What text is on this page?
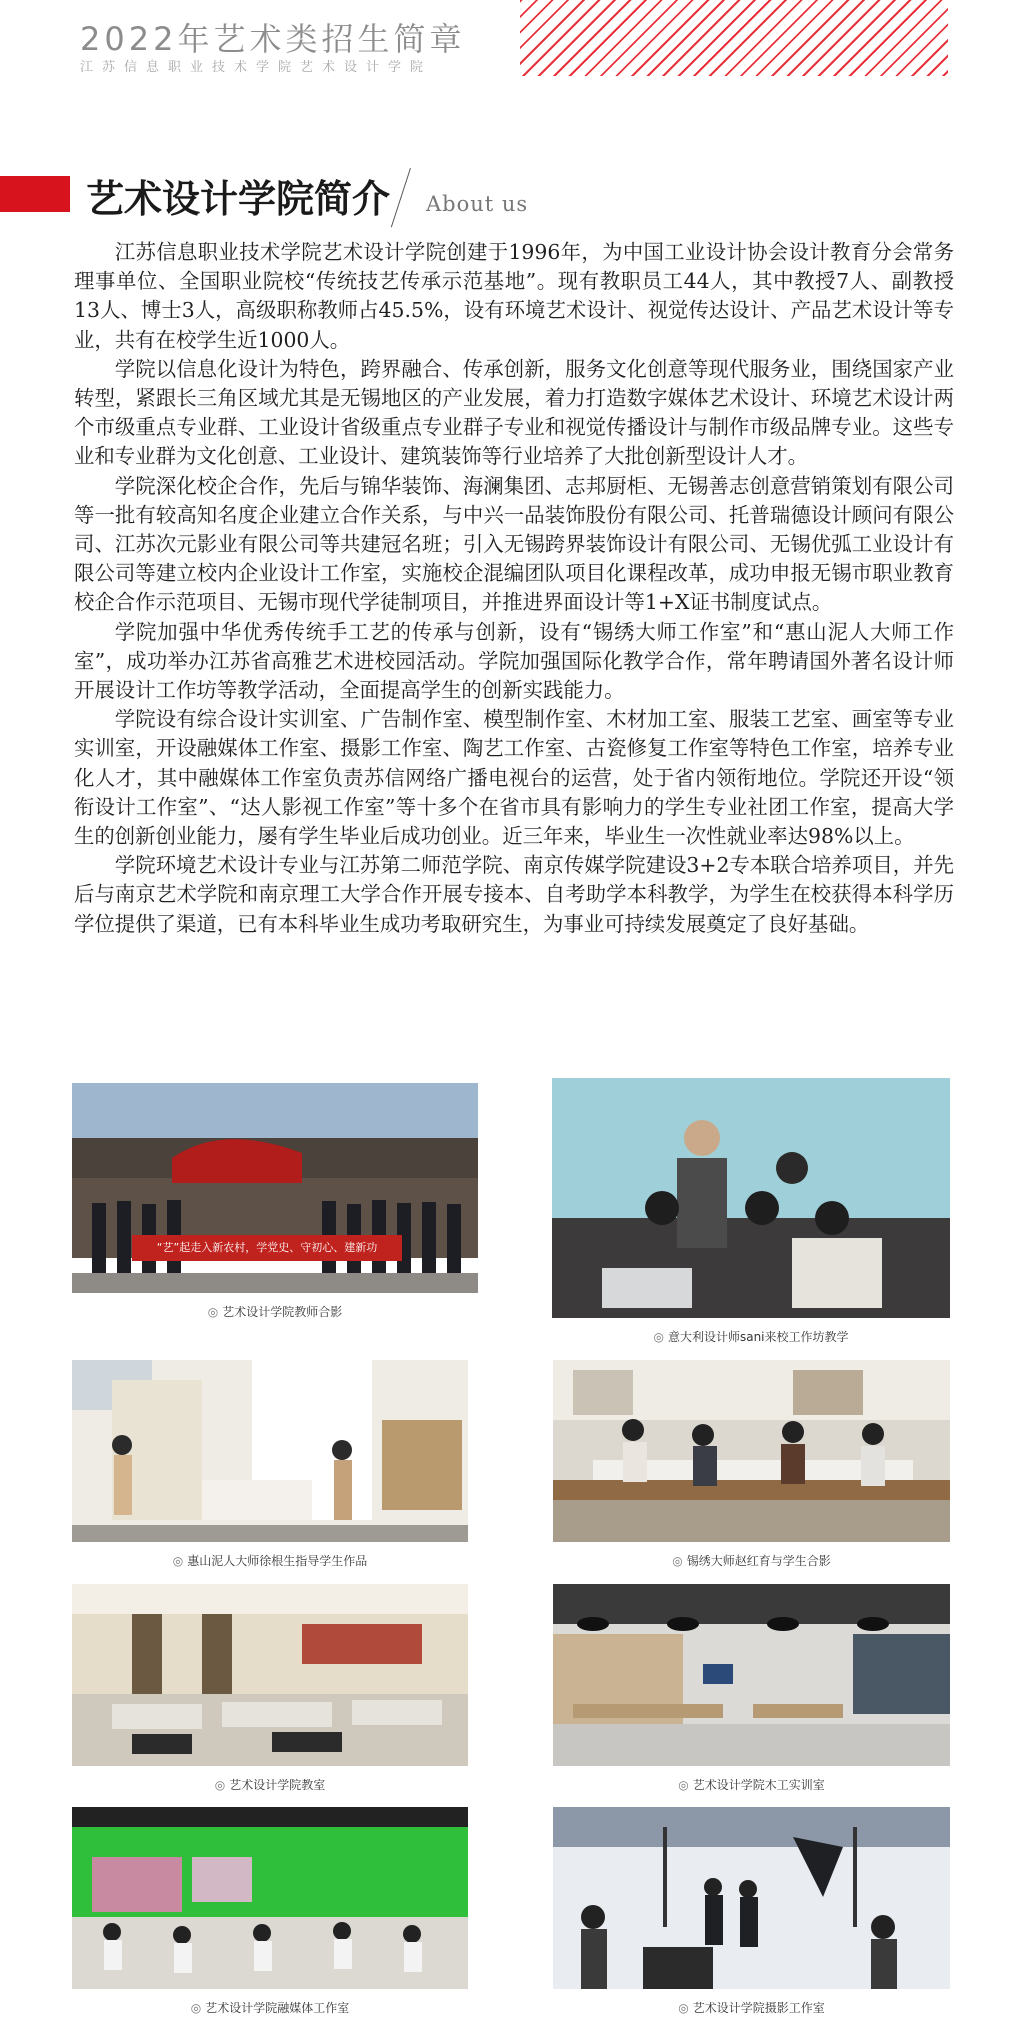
2022年艺术类招生简章
江苏信息职业技术学院艺术设计学院
艺术设计学院简介 About us

江苏信息职业技术学院艺术设计学院创建于1996年，为中国工业设计协会设计教育分会常务理事单位、全国职业院校“传统技艺传承示范基地”。现有教职员工44人，其中教授7人、副教授13人、博士3人，高级职称教师占45.5%，设有环境艺术设计、视觉传达设计、产品艺术设计等专业，共有在校学生近1000人。

学院以信息化设计为特色，跨界融合、传承创新，服务文化创意等现代服务业，围绕国家产业转型，紧跟长三角区域尤其是无锡地区的产业发展，着力打造数字媒体艺术设计、环境艺术设计两个市级重点专业群、工业设计省级重点专业群子专业和视觉传播设计与制作市级品牌专业。这些专业和专业群为文化创意、工业设计、建筑装饰等行业培养了大批创新型设计人才。

学院深化校企合作，先后与锦华装饰、海澜集团、志邦厨柜、无锡善志创意营销策划有限公司等一批有较高知名度企业建立合作关系，与中兴一品装饰股份有限公司、托普瑞德设计顾问有限公司、江苏次元影业有限公司等共建冠名班；引入无锡跨界装饰设计有限公司、无锡优弧工业设计有限公司等建立校内企业设计工作室，实施校企混编团队项目化课程改革，成功申报无锡市职业教育校企合作示范项目、无锡市现代学徒制项目，并推进界面设计等1+X证书制度试点。

学院加强中华优秀传统手工艺的传承与创新，设有“锡绣大师工作室”和“惠山泥人大师工作室”，成功举办江苏省高雅艺术进校园活动。学院加强国际化教学合作，常年聘请国外著名设计师开展设计工作坊等教学活动，全面提高学生的创新实践能力。

学院设有综合设计实训室、广告制作室、模型制作室、木材加工室、服装工艺室、画室等专业实训室，开设融媒体工作室、摄影工作室、陶艺工作室、古瓷修复工作室等特色工作室，培养专业化人才，其中融媒体工作室负责苏信网络广播电视台的运营，处于省内领衔地位。学院还开设“领衔设计工作室”、“达人影视工作室”等十多个在省市具有影响力的学生专业社团工作室，提高大学生的创新创业能力，屡有学生毕业后成功创业。近三年来，毕业生一次性就业率达98%以上。

学院环境艺术设计专业与江苏第二师范学院、南京传媒学院建设3+2专本联合培养项目，并先后与南京艺术学院和南京理工大学合作开展专接本、自考助学本科教学，为学生在校获得本科学历学位提供了渠道，已有本科毕业生成功考取研究生，为事业可持续发展奠定了良好基础。

“艺”起走入新农村，学党史、守初心、建新功
◎ 艺术设计学院教师合影
◎ 意大利设计师sani来校工作坊教学
◎ 惠山泥人大师徐根生指导学生作品	◎ 锡绣大师赵红育与学生合影
◎ 艺术设计学院教室	◎ 艺术设计学院木工实训室
◎ 艺术设计学院融媒体工作室	◎ 艺术设计学院摄影工作室
